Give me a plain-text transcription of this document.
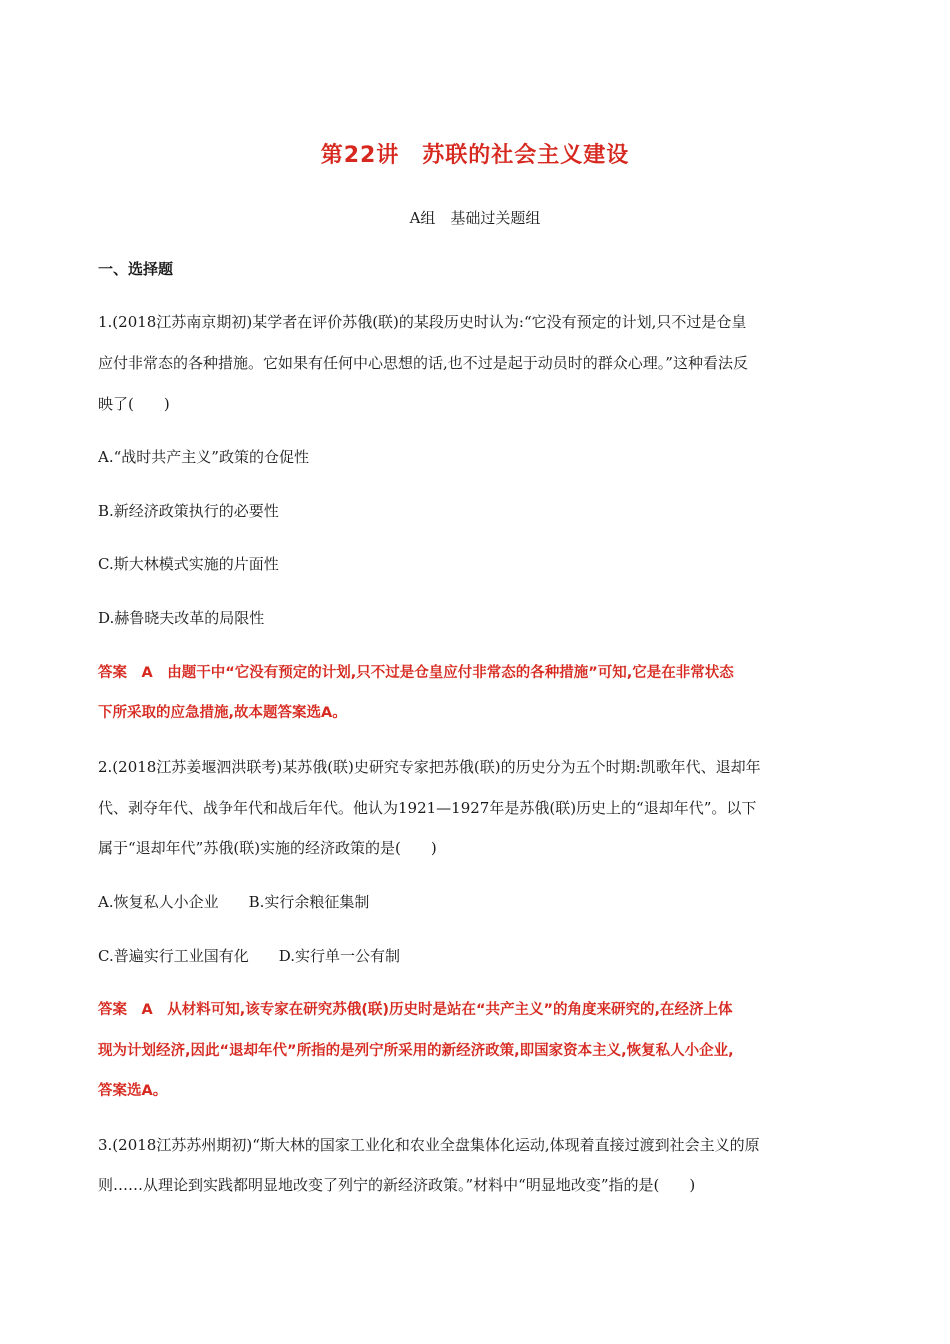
第22讲　苏联的社会主义建设
A组　基础过关题组
一、选择题
1.(2018江苏南京期初)某学者在评价苏俄(联)的某段历史时认为:“它没有预定的计划,只不过是仓皇
应付非常态的各种措施。它如果有任何中心思想的话,也不过是起于动员时的群众心理。”这种看法反
映了(　　)
A.“战时共产主义”政策的仓促性
B.新经济政策执行的必要性
C.斯大林模式实施的片面性
D.赫鲁晓夫改革的局限性
答案　A　由题干中“它没有预定的计划,只不过是仓皇应付非常态的各种措施”可知,它是在非常状态
下所采取的应急措施,故本题答案选A。
2.(2018江苏姜堰泗洪联考)某苏俄(联)史研究专家把苏俄(联)的历史分为五个时期:凯歌年代、退却年
代、剥夺年代、战争年代和战后年代。他认为1921—1927年是苏俄(联)历史上的“退却年代”。以下
属于“退却年代”苏俄(联)实施的经济政策的是(　　)
A.恢复私人小企业　　B.实行余粮征集制
C.普遍实行工业国有化　　D.实行单一公有制
答案　A　从材料可知,该专家在研究苏俄(联)历史时是站在“共产主义”的角度来研究的,在经济上体
现为计划经济,因此“退却年代”所指的是列宁所采用的新经济政策,即国家资本主义,恢复私人小企业,
答案选A。
3.(2018江苏苏州期初)“斯大林的国家工业化和农业全盘集体化运动,体现着直接过渡到社会主义的原
则……从理论到实践都明显地改变了列宁的新经济政策。”材料中“明显地改变”指的是(　　)
